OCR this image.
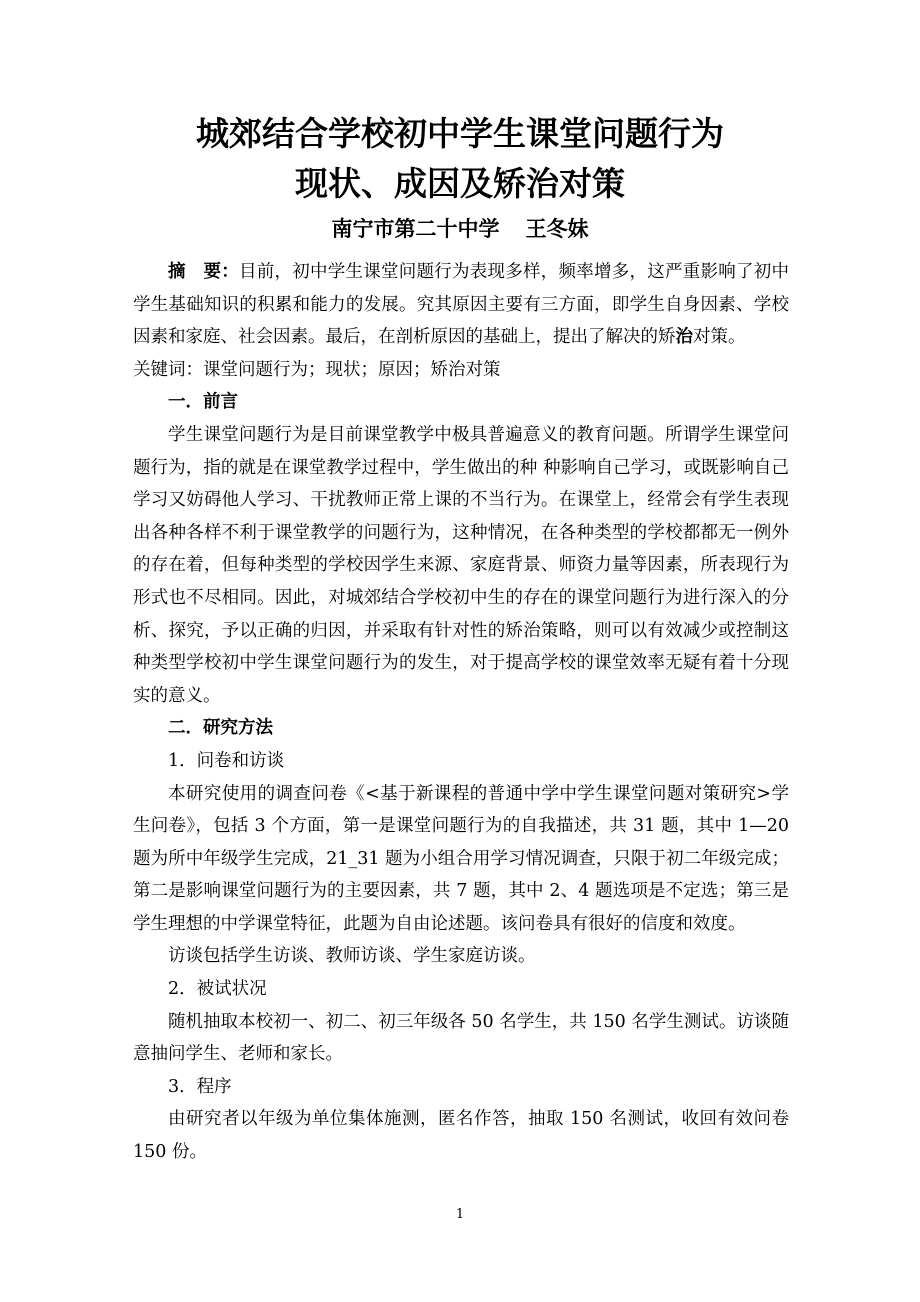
城郊结合学校初中学生课堂问题行为
现状、成因及矫治对策
南宁市第二十中学 王冬妹

摘　要：目前，初中学生课堂问题行为表现多样，频率增多，这严重影响了初中学生基础知识的积累和能力的发展。究其原因主要有三方面，即学生自身因素、学校因素和家庭、社会因素。最后，在剖析原因的基础上，提出了解决的矫治对策。

关键词：课堂问题行为；现状；原因；矫治对策

一．前言

学生课堂问题行为是目前课堂教学中极具普遍意义的教育问题。所谓学生课堂问题行为，指的就是在课堂教学过程中，学生做出的种 种影响自己学习，或既影响自己学习又妨碍他人学习、干扰教师正常上课的不当行为。在课堂上，经常会有学生表现出各种各样不利于课堂教学的问题行为，这种情况，在各种类型的学校都都无一例外的存在着，但每种类型的学校因学生来源、家庭背景、师资力量等因素，所表现行为形式也不尽相同。因此，对城郊结合学校初中生的存在的课堂问题行为进行深入的分析、探究，予以正确的归因，并采取有针对性的矫治策略，则可以有效减少或控制这种类型学校初中学生课堂问题行为的发生，对于提高学校的课堂效率无疑有着十分现实的意义。

二．研究方法

1．问卷和访谈

本研究使用的调查问卷《<基于新课程的普通中学中学生课堂问题对策研究>学生问卷》，包括 3 个方面，第一是课堂问题行为的自我描述，共 31 题，其中 1—20 题为所中年级学生完成，21_31 题为小组合用学习情况调查，只限于初二年级完成；第二是影响课堂问题行为的主要因素，共 7 题，其中 2、4 题选项是不定选；第三是学生理想的中学课堂特征，此题为自由论述题。该问卷具有很好的信度和效度。

访谈包括学生访谈、教师访谈、学生家庭访谈。

2．被试状况

随机抽取本校初一、初二、初三年级各 50 名学生，共 150 名学生测试。访谈随意抽问学生、老师和家长。

3．程序

由研究者以年级为单位集体施测，匿名作答，抽取 150 名测试，收回有效问卷 150 份。

1
